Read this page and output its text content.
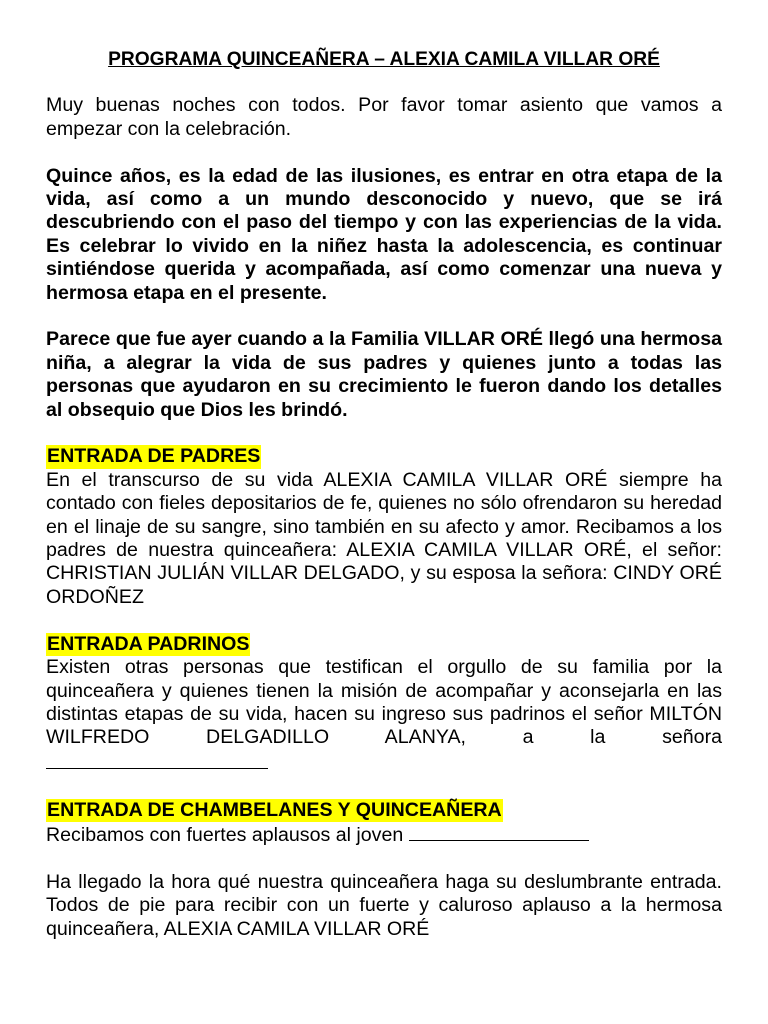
PROGRAMA QUINCEAÑERA – ALEXIA CAMILA VILLAR ORÉ

Muy buenas noches con todos. Por favor tomar asiento que vamos a empezar con la celebración.

Quince años, es la edad de las ilusiones, es entrar en otra etapa de la vida, así como a un mundo desconocido y nuevo, que se irá descubriendo con el paso del tiempo y con las experiencias de la vida. Es celebrar lo vivido en la niñez hasta la adolescencia, es continuar sintiéndose querida y acompañada, así como comenzar una nueva y hermosa etapa en el presente.

Parece que fue ayer cuando a la Familia VILLAR ORÉ llegó una hermosa niña, a alegrar la vida de sus padres y quienes junto a todas las personas que ayudaron en su crecimiento le fueron dando los detalles al obsequio que Dios les brindó.

ENTRADA DE PADRES

En el transcurso de su vida ALEXIA CAMILA VILLAR ORÉ siempre ha contado con fieles depositarios de fe, quienes no sólo ofrendaron su heredad en el linaje de su sangre, sino también en su afecto y amor. Recibamos a los padres de nuestra quinceañera: ALEXIA CAMILA VILLAR ORÉ, el señor: CHRISTIAN JULIÁN VILLAR DELGADO, y su esposa la señora: CINDY ORÉ ORDOÑEZ

ENTRADA PADRINOS

Existen otras personas que testifican el orgullo de su familia por la quinceañera y quienes tienen la misión de acompañar y aconsejarla en las distintas etapas de su vida, hacen su ingreso sus padrinos el señor MILTÓN WILFREDO DELGADILLO ALANYA, a la señora

ENTRADA DE CHAMBELANES Y QUINCEAÑERA
Recibamos con fuertes aplausos al joven

Ha llegado la hora qué nuestra quinceañera haga su deslumbrante entrada. Todos de pie para recibir con un fuerte y caluroso aplauso a la hermosa quinceañera, ALEXIA CAMILA VILLAR ORÉ
